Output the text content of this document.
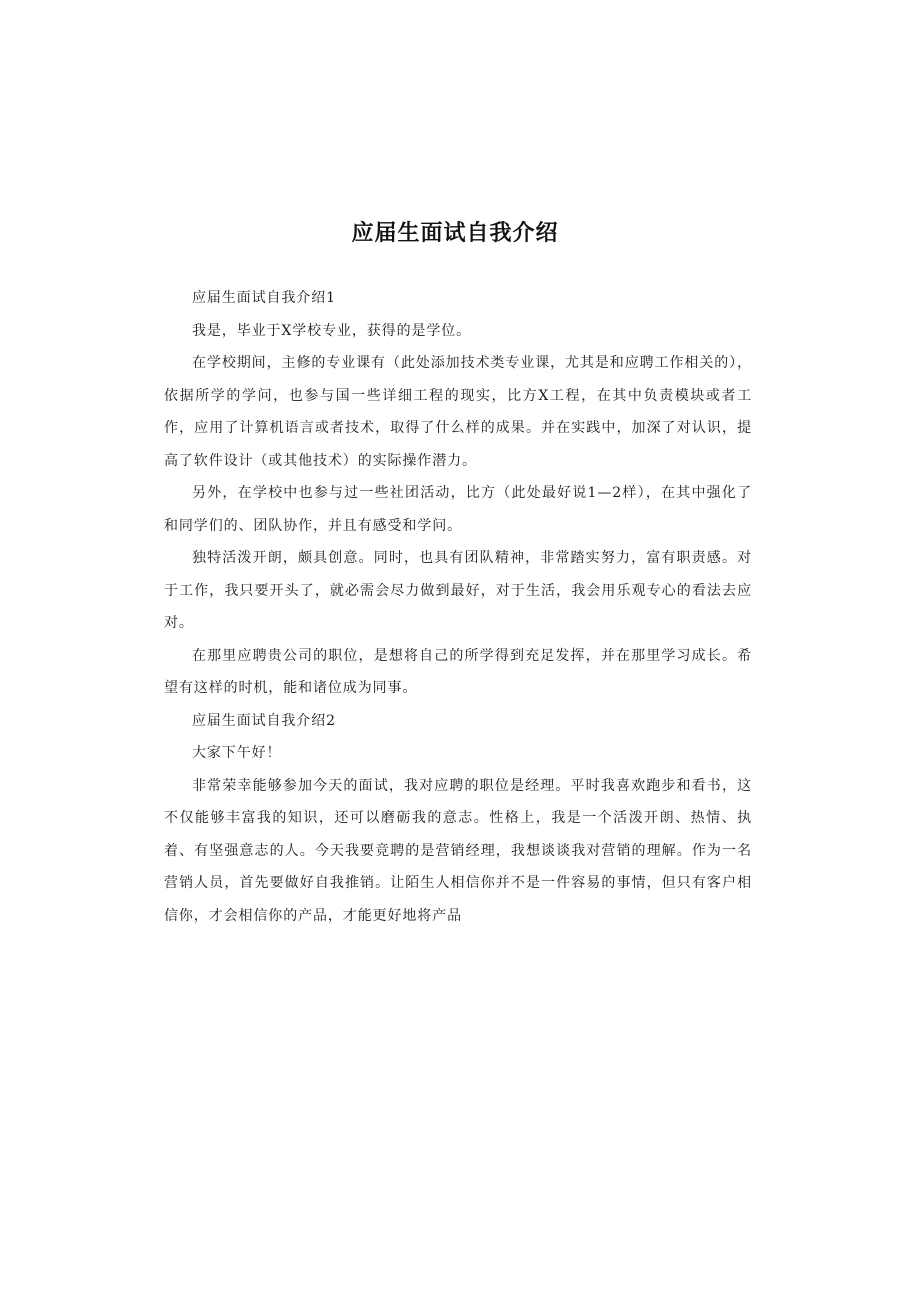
应届生面试自我介绍

应届生面试自我介绍1

我是，毕业于X学校专业，获得的是学位。

在学校期间，主修的专业课有（此处添加技术类专业课，尤其是和应聘工作相关的），依据所学的学问，也参与国一些详细工程的现实，比方X工程，在其中负责模块或者工作，应用了计算机语言或者技术，取得了什么样的成果。并在实践中，加深了对认识，提高了软件设计（或其他技术）的实际操作潜力。

另外，在学校中也参与过一些社团活动，比方（此处最好说1—2样），在其中强化了和同学们的、团队协作，并且有感受和学问。

独特活泼开朗，颇具创意。同时，也具有团队精神，非常踏实努力，富有职责感。对于工作，我只要开头了，就必需会尽力做到最好，对于生活，我会用乐观专心的看法去应对。

在那里应聘贵公司的职位，是想将自己的所学得到充足发挥，并在那里学习成长。希望有这样的时机，能和诸位成为同事。

应届生面试自我介绍2

大家下午好！

非常荣幸能够参加今天的面试，我对应聘的职位是经理。平时我喜欢跑步和看书，这不仅能够丰富我的知识，还可以磨砺我的意志。性格上，我是一个活泼开朗、热情、执着、有坚强意志的人。今天我要竞聘的是营销经理，我想谈谈我对营销的理解。作为一名营销人员，首先要做好自我推销。让陌生人相信你并不是一件容易的事情，但只有客户相信你，才会相信你的产品，才能更好地将产品
